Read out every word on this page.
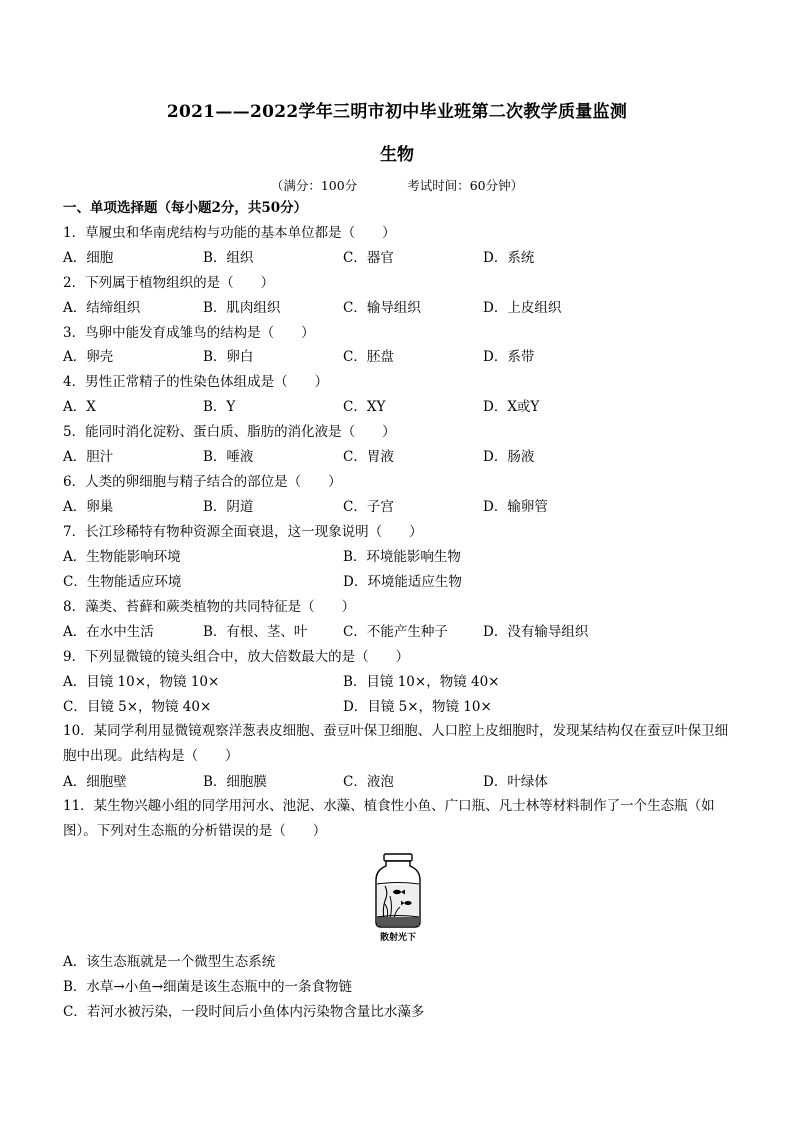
2021——2022学年三明市初中毕业班第二次教学质量监测
生物
（满分：100分	考试时间：60分钟）
一、单项选择题（每小题2分，共50分）
1．草履虫和华南虎结构与功能的基本单位都是（　　）
A．细胞	B．组织	C．器官	D．系统
2．下列属于植物组织的是（　　）
A．结缔组织	B．肌肉组织	C．输导组织	D．上皮组织
3．鸟卵中能发育成雏鸟的结构是（　　）
A．卵壳	B．卵白	C．胚盘	D．系带
4．男性正常精子的性染色体组成是（　　）
A．X	B．Y	C．XY	D．X或Y
5．能同时消化淀粉、蛋白质、脂肪的消化液是（　　）
A．胆汁	B．唾液	C．胃液	D．肠液
6．人类的卵细胞与精子结合的部位是（　　）
A．卵巢	B．阴道	C．子宫	D．输卵管
7．长江珍稀特有物种资源全面衰退，这一现象说明（　　）
A．生物能影响环境	B．环境能影响生物
C．生物能适应环境	D．环境能适应生物
8．藻类、苔藓和蕨类植物的共同特征是（　　）
A．在水中生活	B．有根、茎、叶	C．不能产生种子	D．没有输导组织
9．下列显微镜的镜头组合中，放大倍数最大的是（　　）
A．目镜 10×，物镜 10×	B．目镜 10×，物镜 40×
C．目镜 5×，物镜 40×	D．目镜 5×，物镜 10×
10．某同学利用显微镜观察洋葱表皮细胞、蚕豆叶保卫细胞、人口腔上皮细胞时，发现某结构仅在蚕豆叶保卫细胞中出现。此结构是（　　）
A．细胞壁	B．细胞膜	C．液泡	D．叶绿体
11．某生物兴趣小组的同学用河水、池泥、水藻、植食性小鱼、广口瓶、凡士林等材料制作了一个生态瓶（如图）。下列对生态瓶的分析错误的是（　　）
散射光下
A．该生态瓶就是一个微型生态系统
B．水草→小鱼→细菌是该生态瓶中的一条食物链
C．若河水被污染，一段时间后小鱼体内污染物含量比水藻多
